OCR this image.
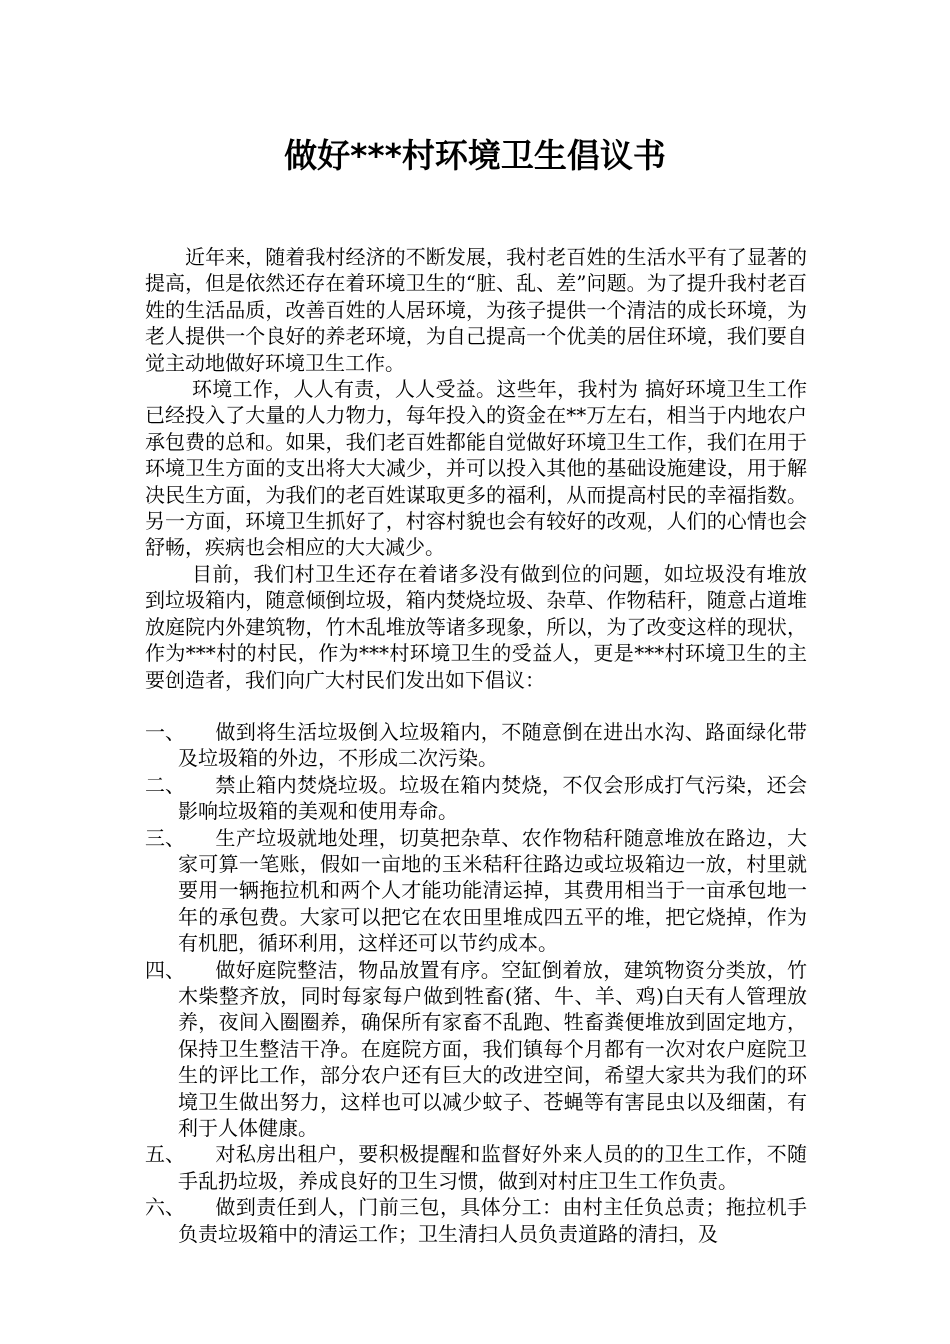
做好***村环境卫生倡议书

近年来，随着我村经济的不断发展，我村老百姓的生活水平有了显著的提高，但是依然还存在着环境卫生的“脏、乱、差”问题。为了提升我村老百姓的生活品质，改善百姓的人居环境，为孩子提供一个清洁的成长环境，为老人提供一个良好的养老环境，为自己提高一个优美的居住环境，我们要自觉主动地做好环境卫生工作。

环境工作，人人有责，人人受益。这些年，我村为 搞好环境卫生工作已经投入了大量的人力物力，每年投入的资金在**万左右，相当于内地农户承包费的总和。如果，我们老百姓都能自觉做好环境卫生工作，我们在用于环境卫生方面的支出将大大减少，并可以投入其他的基础设施建设，用于解决民生方面，为我们的老百姓谋取更多的福利，从而提高村民的幸福指数。另一方面，环境卫生抓好了，村容村貌也会有较好的改观，人们的心情也会舒畅，疾病也会相应的大大减少。

目前，我们村卫生还存在着诸多没有做到位的问题，如垃圾没有堆放到垃圾箱内，随意倾倒垃圾，箱内焚烧垃圾、杂草、作物秸秆，随意占道堆放庭院内外建筑物，竹木乱堆放等诸多现象，所以，为了改变这样的现状，作为***村的村民，作为***村环境卫生的受益人，更是***村环境卫生的主要创造者，我们向广大村民们发出如下倡议：

一、	做到将生活垃圾倒入垃圾箱内，不随意倒在进出水沟、路面绿化带及垃圾箱的外边，不形成二次污染。
二、	禁止箱内焚烧垃圾。垃圾在箱内焚烧，不仅会形成打气污染，还会影响垃圾箱的美观和使用寿命。
三、	生产垃圾就地处理，切莫把杂草、农作物秸秆随意堆放在路边，大家可算一笔账，假如一亩地的玉米秸秆往路边或垃圾箱边一放，村里就要用一辆拖拉机和两个人才能功能清运掉，其费用相当于一亩承包地一年的承包费。大家可以把它在农田里堆成四五平的堆，把它烧掉，作为有机肥，循环利用，这样还可以节约成本。
四、	做好庭院整洁，物品放置有序。空缸倒着放，建筑物资分类放，竹木柴整齐放，同时每家每户做到牲畜(猪、牛、羊、鸡)白天有人管理放养，夜间入圈圈养，确保所有家畜不乱跑、牲畜粪便堆放到固定地方，保持卫生整洁干净。在庭院方面，我们镇每个月都有一次对农户庭院卫生的评比工作，部分农户还有巨大的改进空间，希望大家共为我们的环境卫生做出努力，这样也可以减少蚊子、苍蝇等有害昆虫以及细菌，有利于人体健康。
五、	对私房出租户，要积极提醒和监督好外来人员的的卫生工作，不随手乱扔垃圾，养成良好的卫生习惯，做到对村庄卫生工作负责。
六、	做到责任到人，门前三包，具体分工：由村主任负总责；拖拉机手负责垃圾箱中的清运工作；卫生清扫人员负责道路的清扫，及
